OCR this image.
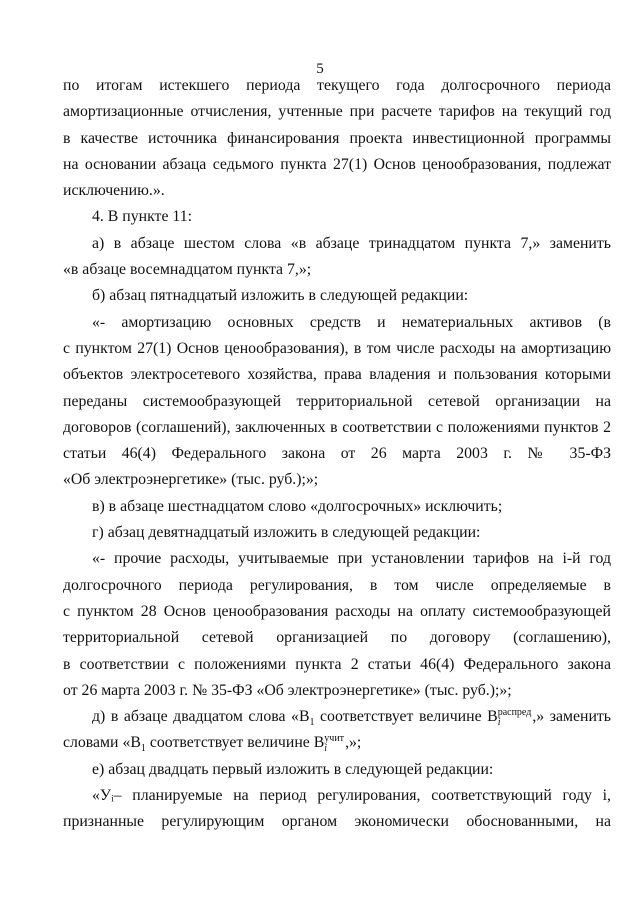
5
по итогам истекшего периода текущего года долгосрочного периода
амортизационные отчисления, учтенные при расчете тарифов на текущий год
в качестве источника финансирования проекта инвестиционной программы
на основании абзаца седьмого пункта 27(1) Основ ценообразования, подлежат
исключению.».
4. В пункте 11:
а) в абзаце шестом слова «в абзаце тринадцатом пункта 7,» заменить
«в абзаце восемнадцатом пункта 7,»;
б) абзац пятнадцатый изложить в следующей редакции:
«- амортизацию основных средств и нематериальных активов (в
с пунктом 27(1) Основ ценообразования), в том числе расходы на амортизацию
объектов электросетевого хозяйства, права владения и пользования которыми
переданы системообразующей территориальной сетевой организации на
договоров (соглашений), заключенных в соответствии с положениями пунктов 2
статьи 46(4) Федерального закона от 26 марта 2003 г. № 35-ФЗ
«Об электроэнергетике» (тыс. руб.);»;
в) в абзаце шестнадцатом слово «долгосрочных» исключить;
г) абзац девятнадцатый изложить в следующей редакции:
«- прочие расходы, учитываемые при установлении тарифов на i-й год
долгосрочного периода регулирования, в том числе определяемые в
с пунктом 28 Основ ценообразования расходы на оплату системообразующей
территориальной сетевой организацией по договору (соглашению),
в соответствии с положениями пункта 2 статьи 46(4) Федерального закона
от 26 марта 2003 г. № 35-ФЗ «Об электроэнергетике» (тыс. руб.);»;
д) в абзаце двадцатом слова «$B_1$ соответствует величине B распред
i	,» заменить
словами «$B_1$ соответствует величине B учит
i	,»;
е) абзац двадцать первый изложить в следующей редакции:
«Уᵢ– планируемые на период регулирования, соответствующий году i,
признанные регулирующим органом экономически обоснованными, на
